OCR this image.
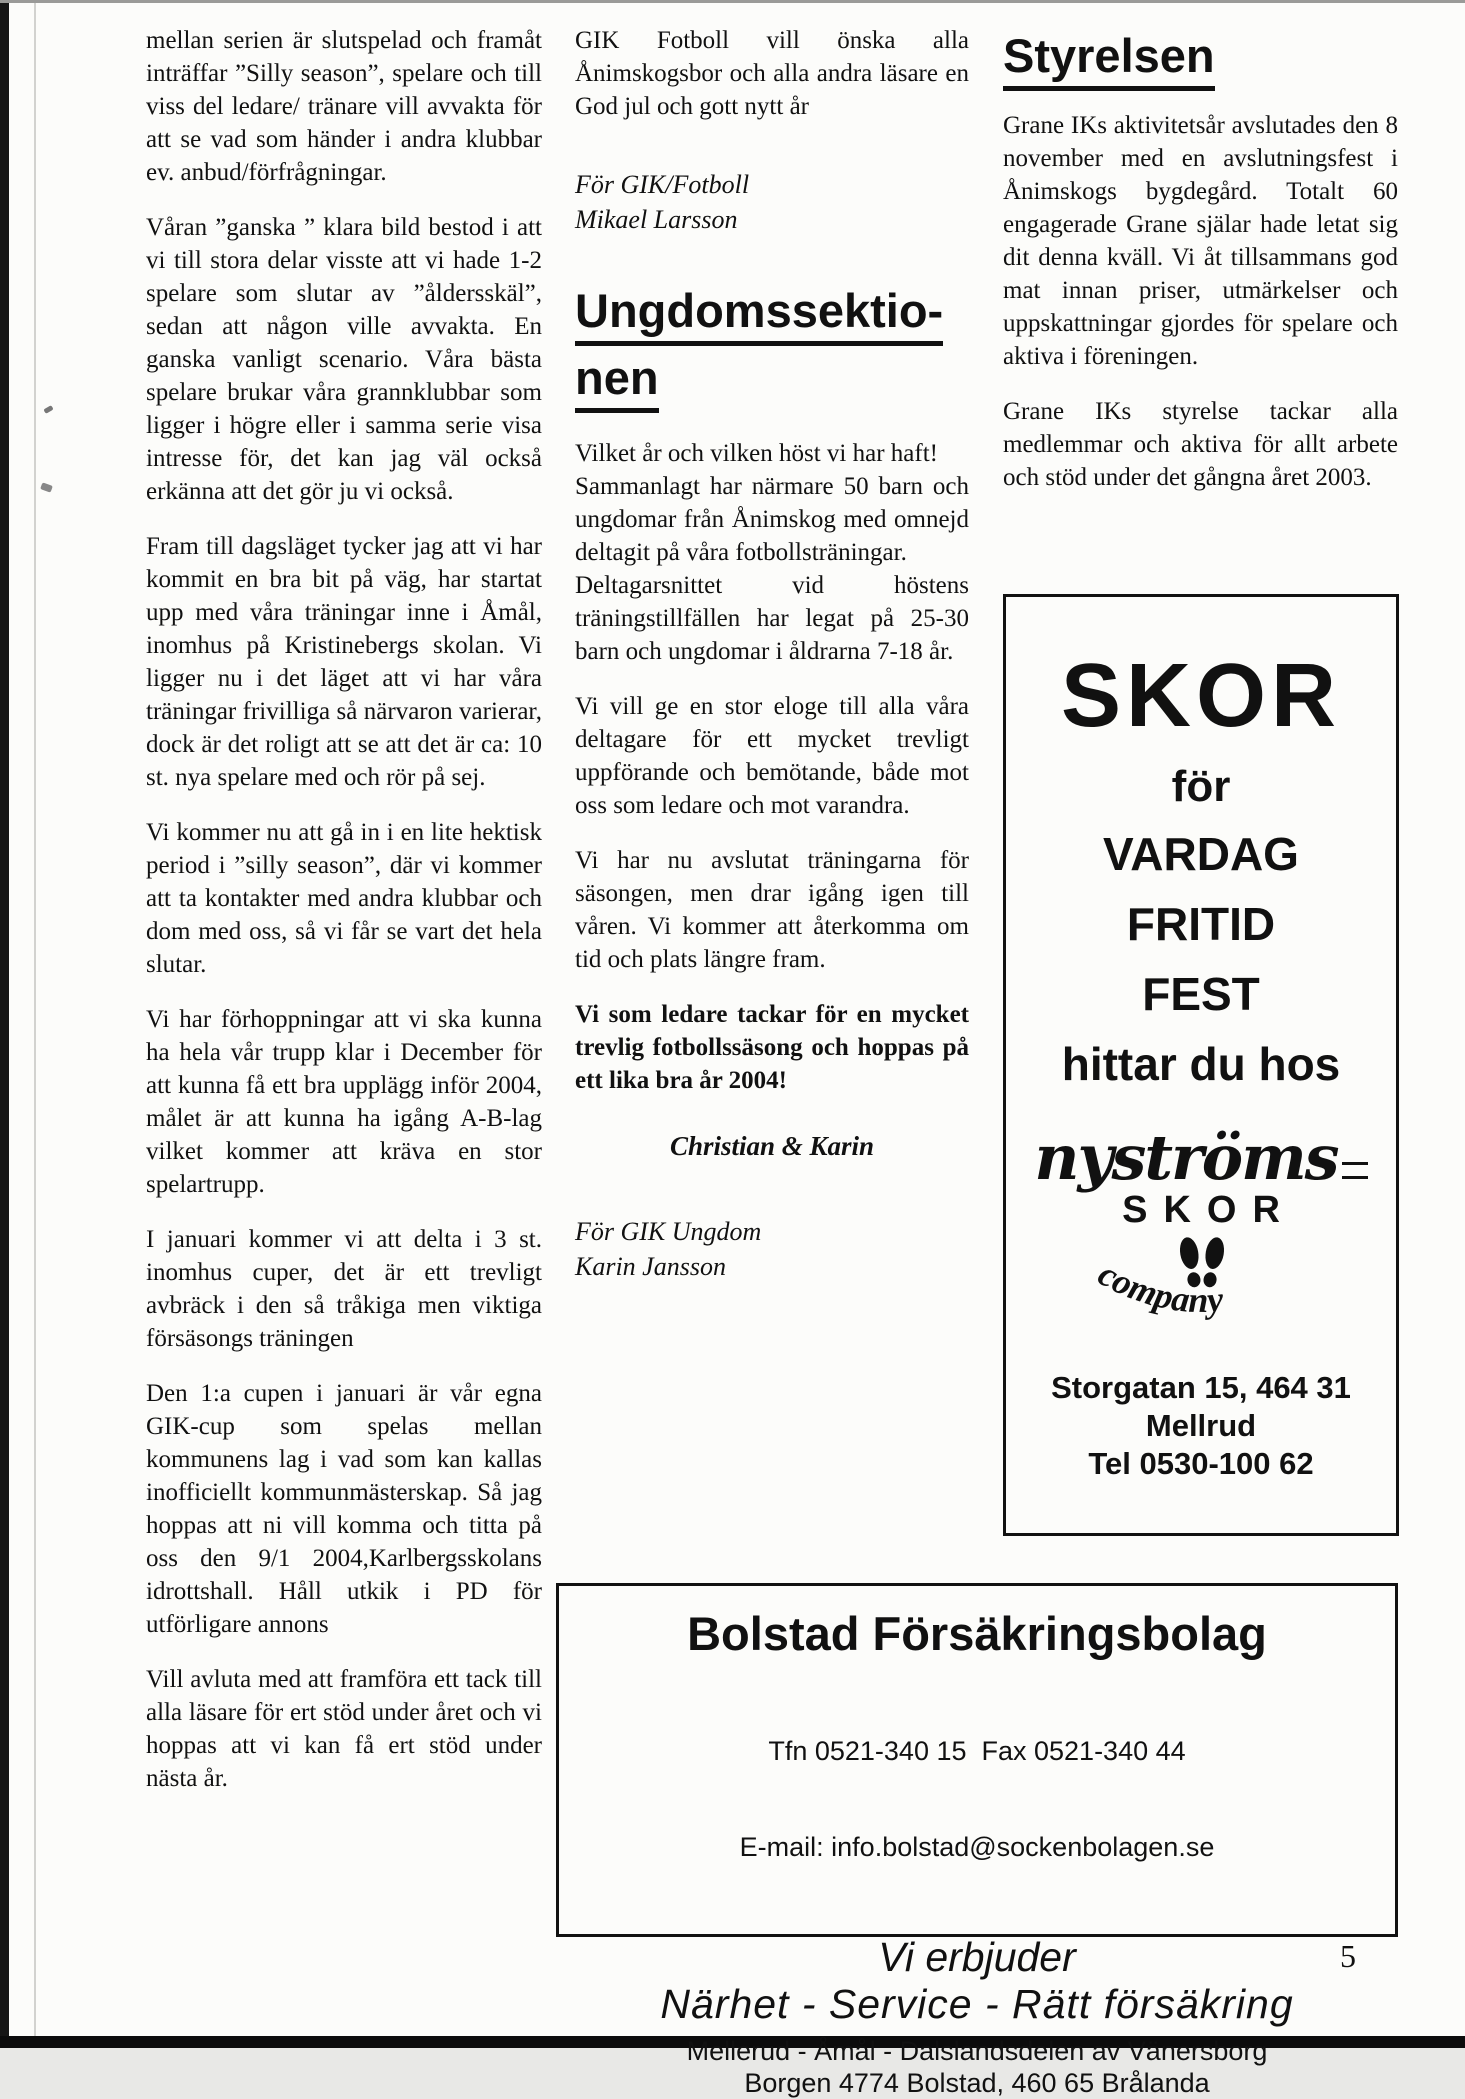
mellan serien är slutspelad och framåt inträffar ”Silly season”, spelare och till viss del ledare/ tränare vill avvakta för att se vad som händer i andra klubbar ev. anbud/förfrågningar.

Våran ”ganska ” klara bild bestod i att vi till stora delar visste att vi hade 1-2 spelare som slutar av ”åldersskäl”, sedan att någon ville avvakta. En ganska vanligt scenario. Våra bästa spelare brukar våra grannklubbar som ligger i högre eller i samma serie visa intresse för, det kan jag väl också erkänna att det gör ju vi också.

Fram till dagsläget tycker jag att vi har kommit en bra bit på väg, har startat upp med våra träningar inne i Åmål, inomhus på Kristinebergs skolan. Vi ligger nu i det läget att vi har våra träningar frivilliga så närvaron varierar, dock är det roligt att se att det är ca: 10 st. nya spelare med och rör på sej.

Vi kommer nu att gå in i en lite hektisk period i ”silly season”, där vi kommer att ta kontakter med andra klubbar och dom med oss, så vi får se vart det hela slutar.

Vi har förhoppningar att vi ska kunna ha hela vår trupp klar i December för att kunna få ett bra upplägg inför 2004, målet är att kunna ha igång A-B-lag vilket kommer att kräva en stor spelartrupp.

I januari kommer vi att delta i 3 st. inomhus cuper, det är ett trevligt avbräck i den så tråkiga men viktiga försäsongs träningen

Den 1:a cupen i januari är vår egna GIK-cup som spelas mellan kommunens lag i vad som kan kallas inofficiellt kommunmästerskap. Så jag hoppas att ni vill komma och titta på oss den 9/1 2004,Karlbergsskolans idrottshall. Håll utkik i PD för utförligare annons

Vill avluta med att framföra ett tack till alla läsare för ert stöd under året och vi hoppas att vi kan få ert stöd under nästa år.

GIK Fotboll vill önska alla Ånimskogsbor och alla andra läsare en God jul och gott nytt år

För GIK/Fotboll
Mikael Larsson

Ungdomssektio-
nen

Vilket år och vilken höst vi har haft!

Sammanlagt har närmare 50 barn och ungdomar från Ånimskog med omnejd deltagit på våra fotbollsträningar.

Deltagarsnittet vid höstens träningstillfällen har legat på 25-30 barn och ungdomar i åldrarna 7-18 år.

Vi vill ge en stor eloge till alla våra deltagare för ett mycket trevligt uppförande och bemötande, både mot oss som ledare och mot varandra.

Vi har nu avslutat träningarna för säsongen, men drar igång igen till våren. Vi kommer att återkomma om tid och plats längre fram.

Vi som ledare tackar för en mycket trevlig fotbollssäsong och hoppas på ett lika bra år 2004!

Christian & Karin

För GIK Ungdom
Karin Jansson

Styrelsen

Grane IKs aktivitetsår avslutades den 8 november med en avslutningsfest i Ånimskogs bygdegård. Totalt 60 engagerade Grane själar hade letat sig dit denna kväll. Vi åt tillsammans god mat innan priser, utmärkelser och uppskattningar gjordes för spelare och aktiva i föreningen.

Grane IKs styrelse tackar alla medlemmar och aktiva för allt arbete och stöd under det gångna året 2003.

SKOR
för
VARDAG
FRITID
FEST
hittar du hos
nyströms
SKOR
company
Storgatan 15, 464 31
Mellrud
Tel 0530-100 62
Bolstad Försäkringsbolag

Tfn 0521-340 15  Fax 0521-340 44

E-mail: info.bolstad@sockenbolagen.se

Vi erbjuder
Närhet - Service - Rätt försäkring
Mellerud - Åmål - Dalslandsdelen av Vänersborg
Borgen 4774 Bolstad, 460 65 Brålanda
5
